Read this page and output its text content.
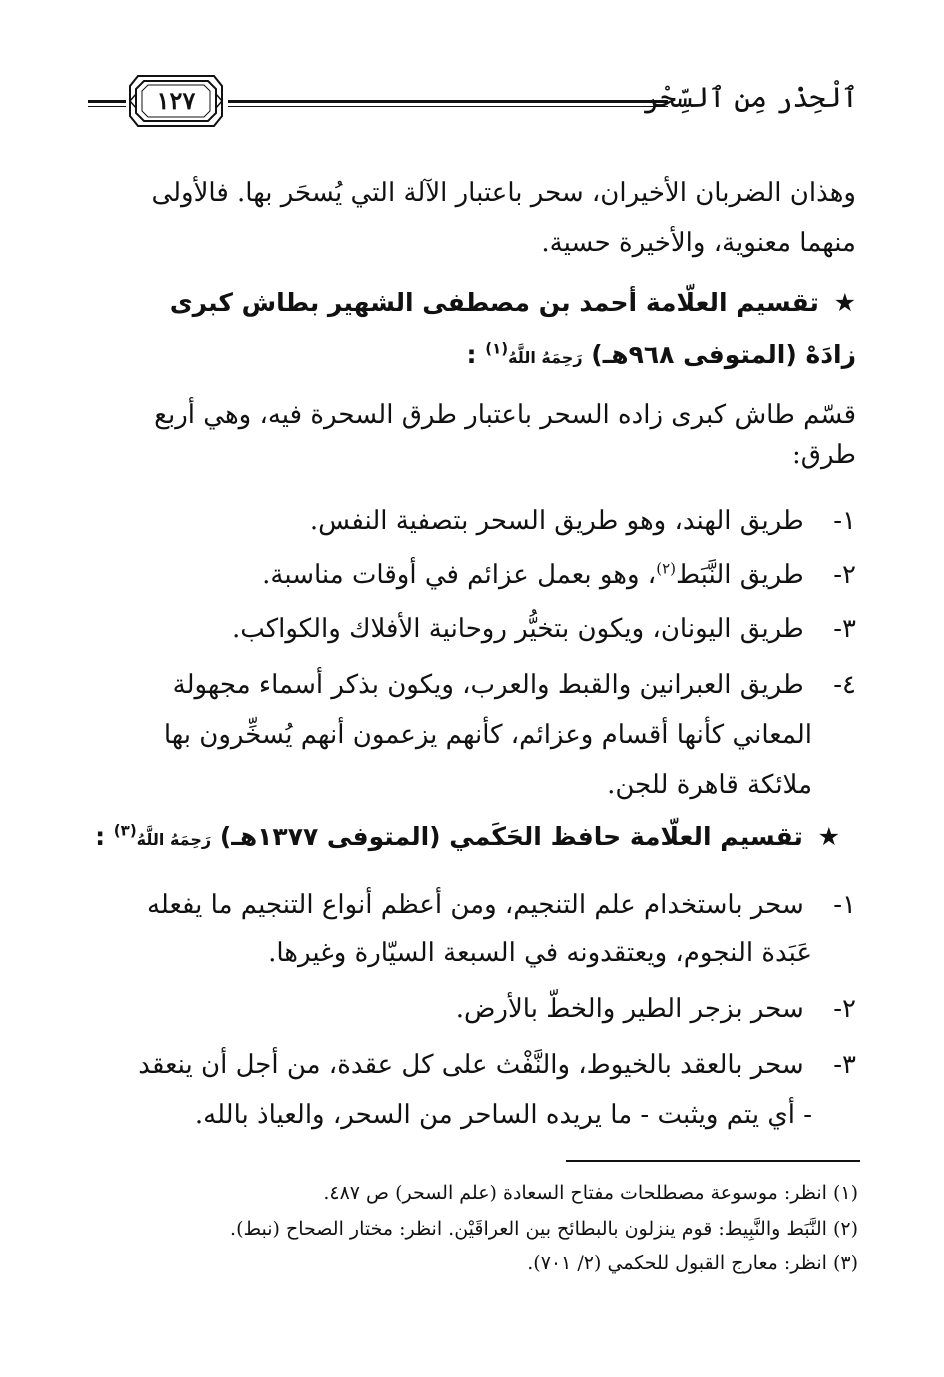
ٱلْحِذْر مِن ٱلسِّحْر
١٢٧
وهذان الضربان الأخيران، سحر باعتبار الآلة التي يُسحَر بها. فالأولى
منهما معنوية، والأخيرة حسية.
★ تقسيم العلّامة أحمد بن مصطفى الشهير بطاش كبرى
زادَهْ (المتوفى ٩٦٨هـ) رَحِمَهُ اللَّهُ$^{(١)}$ :
قسّم طاش كبرى زاده السحر باعتبار طرق السحرة فيه، وهي أربع
طرق:
١- طريق الهند، وهو طريق السحر بتصفية النفس.
٢- طريق النَّبَط$^{(٢)}$، وهو بعمل عزائم في أوقات مناسبة.
٣- طريق اليونان، ويكون بتخيُّر روحانية الأفلاك والكواكب.
٤- طريق العبرانين والقبط والعرب، ويكون بذكر أسماء مجهولة
المعاني كأنها أقسام وعزائم، كأنهم يزعمون أنهم يُسخِّرون بها
ملائكة قاهرة للجن.
★ تقسيم العلّامة حافظ الحَكَمي (المتوفى ١٣٧٧هـ) رَحِمَهُ اللَّهُ$^{(٣)}$ :
١- سحر باستخدام علم التنجيم، ومن أعظم أنواع التنجيم ما يفعله
عَبَدة النجوم، ويعتقدونه في السبعة السيّارة وغيرها.
٢- سحر بزجر الطير والخطّ بالأرض.
٣- سحر بالعقد بالخيوط، والنَّفْث على كل عقدة، من أجل أن ينعقد
- أي يتم ويثبت - ما يريده الساحر من السحر، والعياذ بالله.
(١) انظر: موسوعة مصطلحات مفتاح السعادة (علم السحر) ص ٤٨٧.
(٢) النَّبَط والنَّبِيط: قوم ينزلون بالبطائح بين العراقَيْن. انظر: مختار الصحاح (نبط).
(٣) انظر: معارج القبول للحكمي (٢/ ٧٠١).
